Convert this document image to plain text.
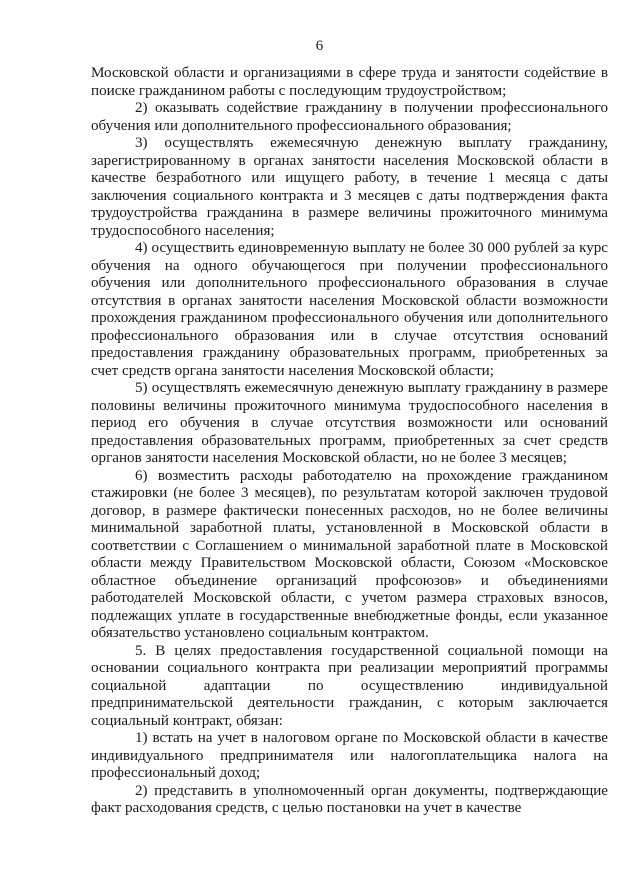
6

Московской области и организациями в сфере труда и занятости содействие в поиске гражданином работы с последующим трудоустройством;

2) оказывать содействие гражданину в получении профессионального обучения или дополнительного профессионального образования;

3) осуществлять ежемесячную денежную выплату гражданину, зарегистрированному в органах занятости населения Московской области в качестве безработного или ищущего работу, в течение 1 месяца с даты заключения социального контракта и 3 месяцев с даты подтверждения факта трудоустройства гражданина в размере величины прожиточного минимума трудоспособного населения;

4) осуществить единовременную выплату не более 30 000 рублей за курс обучения на одного обучающегося при получении профессионального обучения или дополнительного профессионального образования в случае отсутствия в органах занятости населения Московской области возможности прохождения гражданином профессионального обучения или дополнительного профессионального образования или в случае отсутствия оснований предоставления гражданину образовательных программ, приобретенных за счет средств органа занятости населения Московской области;

5) осуществлять ежемесячную денежную выплату гражданину в размере половины величины прожиточного минимума трудоспособного населения в период его обучения в случае отсутствия возможности или оснований предоставления образовательных программ, приобретенных за счет средств органов занятости населения Московской области, но не более 3 месяцев;

6) возместить расходы работодателю на прохождение гражданином стажировки (не более 3 месяцев), по результатам которой заключен трудовой договор, в размере фактически понесенных расходов, но не более величины минимальной заработной платы, установленной в Московской области в соответствии с Соглашением о минимальной заработной плате в Московской области между Правительством Московской области, Союзом «Московское областное объединение организаций профсоюзов» и объединениями работодателей Московской области, с учетом размера страховых взносов, подлежащих уплате в государственные внебюджетные фонды, если указанное обязательство установлено социальным контрактом.

5. В целях предоставления государственной социальной помощи на основании социального контракта при реализации мероприятий программы социальной адаптации по осуществлению индивидуальной предпринимательской деятельности гражданин, с которым заключается социальный контракт, обязан:

1) встать на учет в налоговом органе по Московской области в качестве индивидуального предпринимателя или налогоплательщика налога на профессиональный доход;

2) представить в уполномоченный орган документы, подтверждающие факт расходования средств, с целью постановки на учет в качестве
